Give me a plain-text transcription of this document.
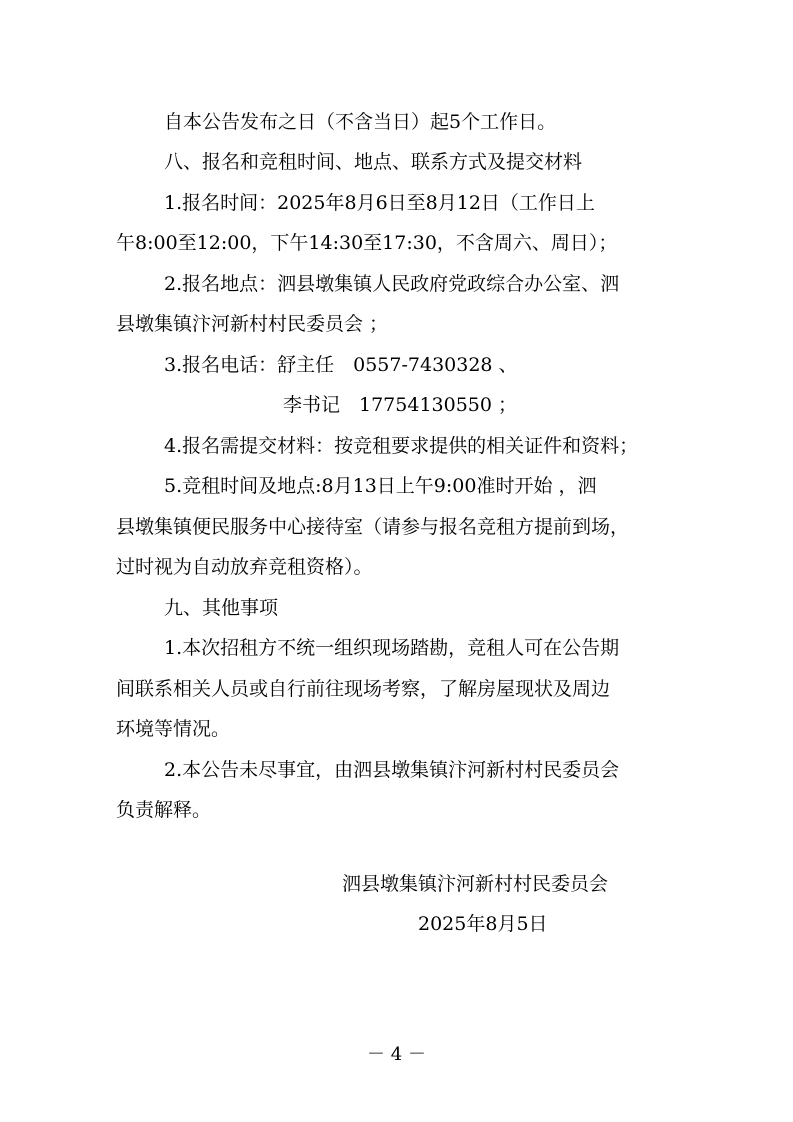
自本公告发布之日（不含当日）起5个工作日。
八、报名和竞租时间、地点、联系方式及提交材料
1.报名时间：2025年8月6日至8月12日（工作日上
午8:00至12:00，下午14:30至17:30，不含周六、周日）；
2.报名地点：泗县墩集镇人民政府党政综合办公室、泗
县墩集镇汴河新村村民委员会 ；
3.报名电话：舒主任　0557-7430328 、
李书记　17754130550 ；
4.报名需提交材料：按竞租要求提供的相关证件和资料；
5.竞租时间及地点:8月13日上午9:00准时开始 ，泗
县墩集镇便民服务中心接待室（请参与报名竞租方提前到场，
过时视为自动放弃竞租资格）。
九、其他事项
1.本次招租方不统一组织现场踏勘，竞租人可在公告期
间联系相关人员或自行前往现场考察，了解房屋现状及周边
环境等情况。
2.本公告未尽事宜，由泗县墩集镇汴河新村村民委员会
负责解释。
泗县墩集镇汴河新村村民委员会
2025年8月5日
－ 4 －
